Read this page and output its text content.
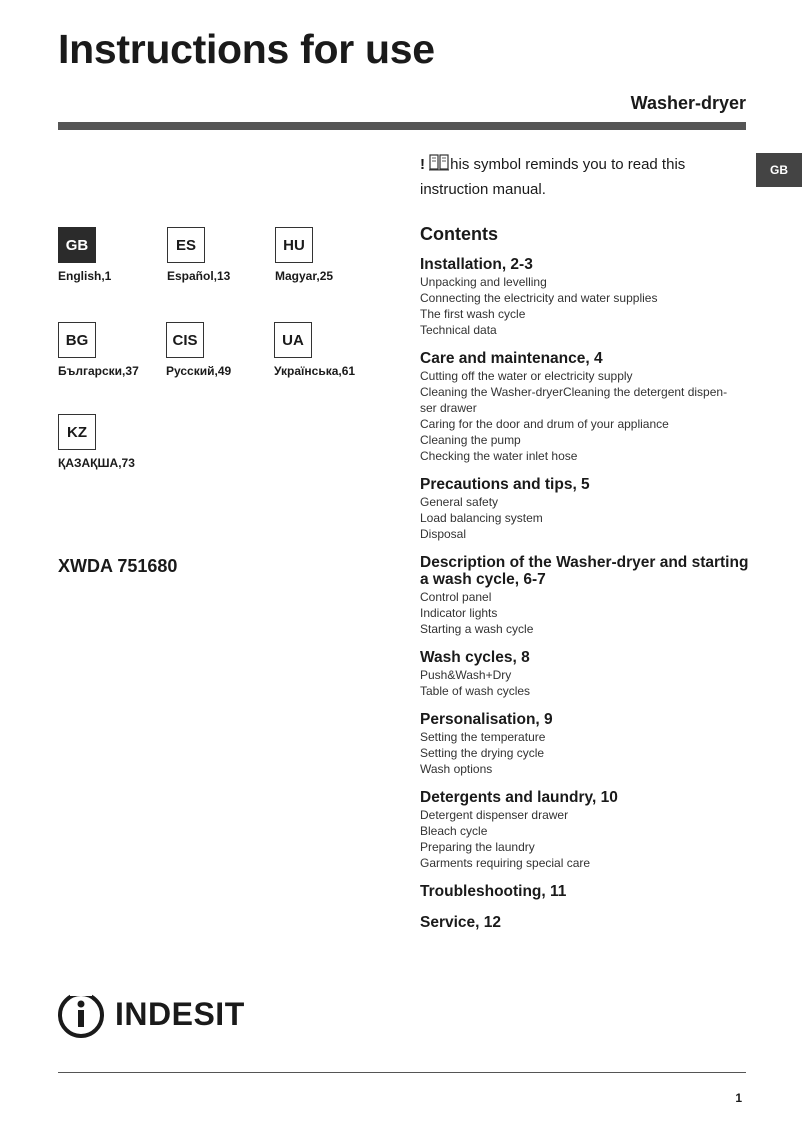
Instructions for use
Washer-dryer
GB
! his symbol reminds you to read this instruction manual.
GB
English,1
ES
Español,13
HU
Magyar,25
BG
Български,37
CIS
Русский,49
UA
Українська,61
KZ
ҚАЗАҚША,73
XWDA 751680
Contents
Installation, 2-3
Unpacking and levelling
Connecting the electricity and water supplies
The first wash cycle
Technical data
Care and maintenance, 4
Cutting off the water or electricity supply
Cleaning the Washer-dryerCleaning the detergent dispen-
ser drawer
Caring for the door and drum of your appliance
Cleaning the pump
Checking the water inlet hose
Precautions and tips, 5
General safety
Load balancing system
Disposal
Description of the Washer-dryer and starting a wash cycle, 6-7
Control panel
Indicator lights
Starting a wash cycle
Wash cycles, 8
Push&Wash+Dry
Table of wash cycles
Personalisation, 9
Setting the temperature
Setting the drying cycle
Wash options
Detergents and laundry, 10
Detergent dispenser drawer
Bleach cycle
Preparing the laundry
Garments requiring special care
Troubleshooting, 11
Service, 12
INDESIT
1
